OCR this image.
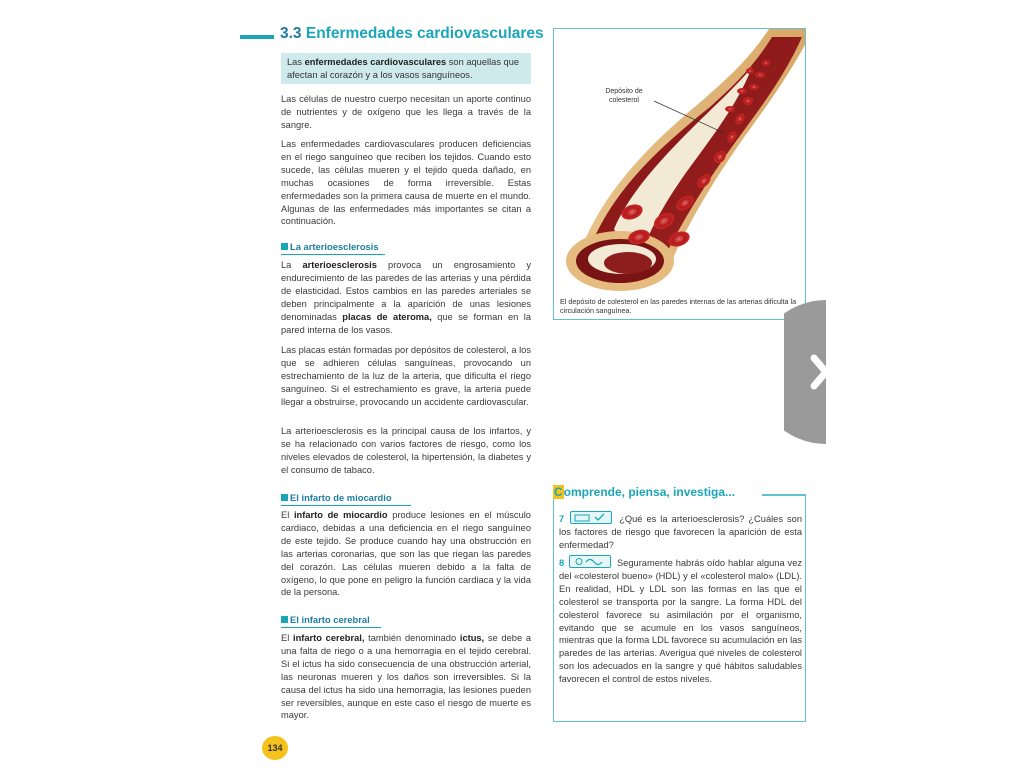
3.3 Enfermedades cardiovasculares
Las enfermedades cardiovasculares son aquellas que afectan al corazón y a los vasos sanguíneos.
Las células de nuestro cuerpo necesitan un aporte continuo de nutrientes y de oxígeno que les llega a través de la sangre.
Las enfermedades cardiovasculares producen deficiencias en el riego sanguíneo que reciben los tejidos. Cuando esto sucede, las células mueren y el tejido queda dañado, en muchas ocasiones de forma irreversible. Estas enfermedades son la primera causa de muerte en el mundo. Algunas de las enfermedades más importantes se citan a continuación.
La arterioesclerosis
La arterioesclerosis provoca un engrosamiento y endurecimiento de las paredes de las arterias y una pérdida de elasticidad. Estos cambios en las paredes arteriales se deben principalmente a la aparición de unas lesiones denominadas placas de ateroma, que se forman en la pared interna de los vasos.
Las placas están formadas por depósitos de colesterol, a los que se adhieren células sanguíneas, provocando un estrechamiento de la luz de la arteria, que dificulta el riego sanguíneo. Si el estrechamiento es grave, la arteria puede llegar a obstruirse, provocando un accidente cardiovascular.
La arterioesclerosis es la principal causa de los infartos, y se ha relacionado con varios factores de riesgo, como los niveles elevados de colesterol, la hipertensión, la diabetes y el consumo de tabaco.
El infarto de miocardio
El infarto de miocardio produce lesiones en el músculo cardiaco, debidas a una deficiencia en el riego sanguíneo de este tejido. Se produce cuando hay una obstrucción en las arterias coronarias, que son las que riegan las paredes del corazón. Las células mueren debido a la falta de oxígeno, lo que pone en peligro la función cardiaca y la vida de la persona.
El infarto cerebral
El infarto cerebral, también denominado ictus, se debe a una falta de riego o a una hemorragia en el tejido cerebral. Si el ictus ha sido consecuencia de una obstrucción arterial, las neuronas mueren y los daños son irreversibles. Si la causa del ictus ha sido una hemorragia, las lesiones pueden ser reversibles, aunque en este caso el riesgo de muerte es mayor.
Depósito de colesterol
El depósito de colesterol en las paredes internas de las arterias dificulta la circulación sanguínea.
Comprende, piensa, investiga...
7	¿Qué es la arterioesclerosis? ¿Cuáles son los factores de riesgo que favorecen la aparición de esta enfermedad?
8	Seguramente habrás oído hablar alguna vez del «colesterol bueno» (HDL) y el «colesterol malo» (LDL). En realidad, HDL y LDL son las formas en las que el colesterol se transporta por la sangre. La forma HDL del colesterol favorece su asimilación por el organismo, evitando que se acumule en los vasos sanguíneos, mientras que la forma LDL favorece su acumulación en las paredes de las arterias. Averigua qué niveles de colesterol son los adecuados en la sangre y qué hábitos saludables favorecen el control de estos niveles.
134
